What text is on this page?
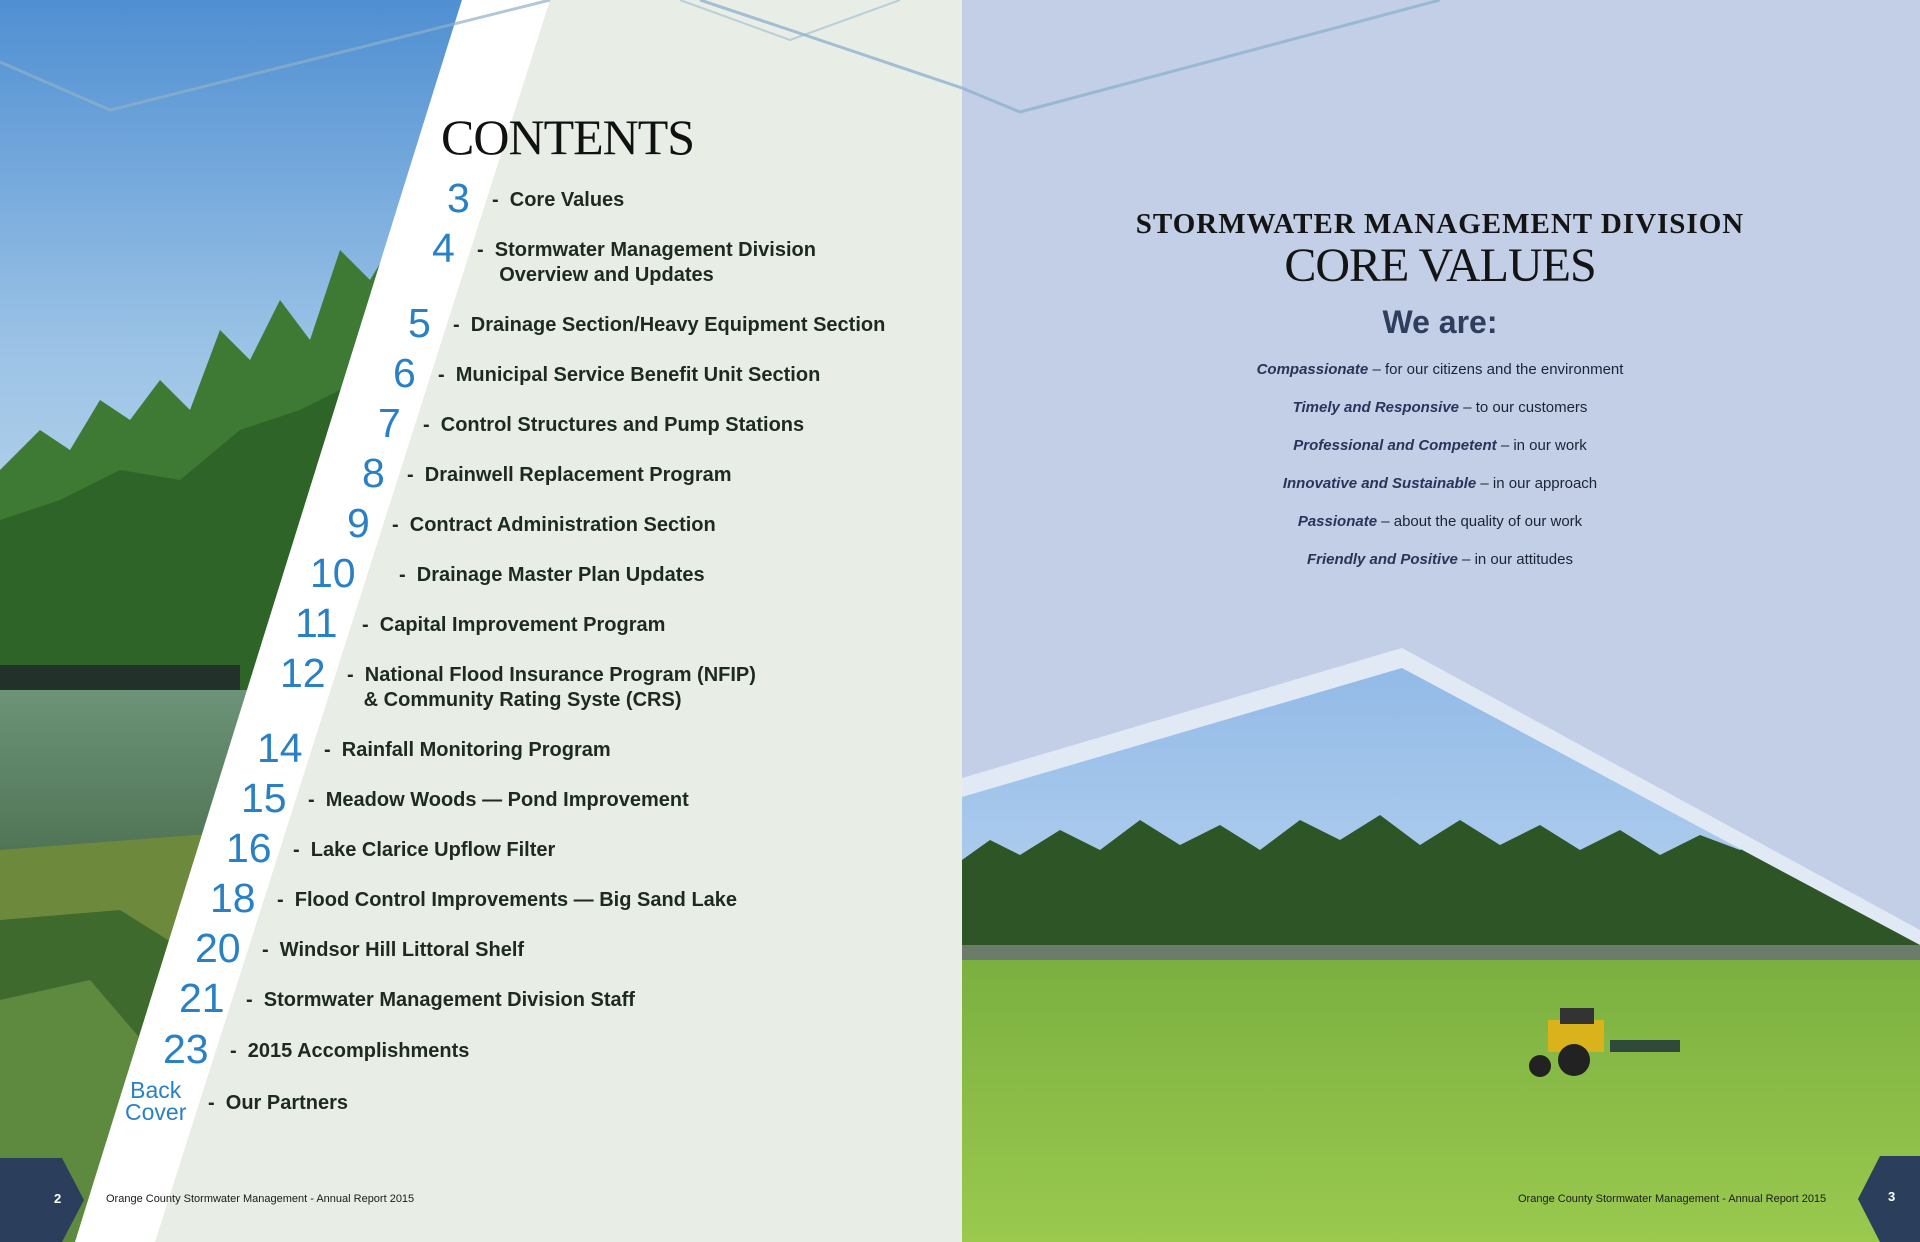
CONTENTS
3 -  Core Values
4 -  Stormwater Management Division
Overview and Updates
5 -  Drainage Section/Heavy Equipment Section
6 -  Municipal Service Benefit Unit Section
7 -  Control Structures and Pump Stations
8 -  Drainwell Replacement Program
9 -  Contract Administration Section
10 -  Drainage Master Plan Updates
11 -  Capital Improvement Program
12 -  National Flood Insurance Program (NFIP)
& Community Rating Syste (CRS)
14 -  Rainfall Monitoring Program
15 -  Meadow Woods — Pond Improvement
16 -  Lake Clarice Upflow Filter
18 -  Flood Control Improvements — Big Sand Lake
20 -  Windsor Hill Littoral Shelf
21 -  Stormwater Management Division Staff
23 -  2015 Accomplishments
Back
Cover -  Our Partners
2	Orange County Stormwater Management - Annual Report 2015
STORMWATER MANAGEMENT DIVISION
CORE VALUES
We are:
Compassionate – for our citizens and the environment
Timely and Responsive – to our customers
Professional and Competent – in our work
Innovative and Sustainable – in our approach
Passionate – about the quality of our work
Friendly and Positive – in our attitudes
Orange County Stormwater Management - Annual Report 2015	3
